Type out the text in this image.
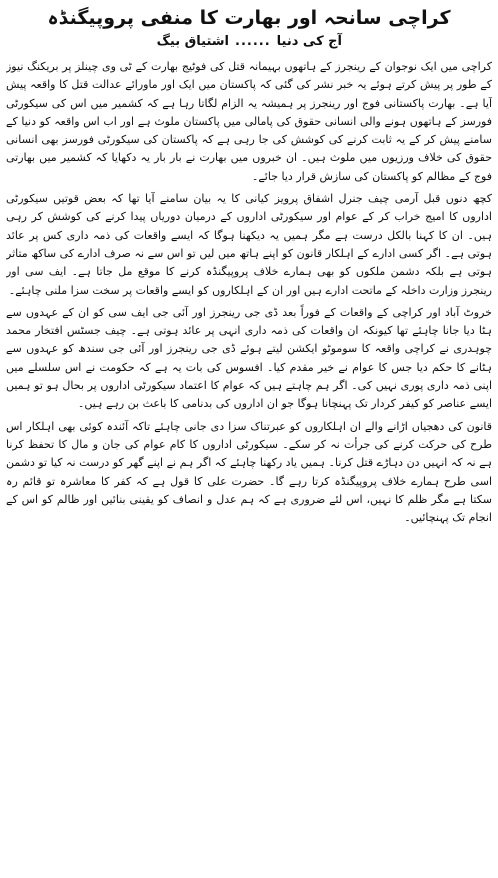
کراچی سانحہ اور بھارت کا منفی پروپیگنڈہ
آج کی دنیا
......
اشتیاق بیگ

کراچی میں ایک نوجوان کے رینجرز کے ہاتھوں بہیمانہ قتل کی فوٹیج بھارت کے ٹی وی چینلز پر بریکنگ نیوز کے طور پر پیش کرتے ہوئے یہ خبر نشر کی گئی کہ پاکستان میں ایک اور ماورائے عدالت قتل کا واقعہ پیش آیا ہے۔ بھارت پاکستانی فوج اور رینجرز پر ہمیشہ یہ الزام لگاتا رہا ہے کہ کشمیر میں اس کی سیکورٹی فورسز کے ہاتھوں ہونے والی انسانی حقوق کی پامالی میں پاکستان ملوث ہے اور اب اس واقعہ کو دنیا کے سامنے پیش کر کے یہ ثابت کرنے کی کوشش کی جا رہی ہے کہ پاکستان کی سیکورٹی فورسز بھی انسانی حقوق کی خلاف ورزیوں میں ملوث ہیں۔ ان خبروں میں بھارت نے بار بار یہ دکھایا کہ کشمیر میں بھارتی فوج کے مظالم کو پاکستان کی سازش قرار دیا جائے۔

کچھ دنوں قبل آرمی چیف جنرل اشفاق پرویز کیانی کا یہ بیان سامنے آیا تھا کہ بعض قوتیں سیکورٹی اداروں کا امیج خراب کر کے عوام اور سیکورٹی اداروں کے درمیان دوریاں پیدا کرنے کی کوشش کر رہی ہیں۔ ان کا کہنا بالکل درست ہے مگر ہمیں یہ دیکھنا ہوگا کہ ایسے واقعات کی ذمہ داری کس پر عائد ہوتی ہے۔ اگر کسی ادارے کے اہلکار قانون کو اپنے ہاتھ میں لیں تو اس سے نہ صرف ادارے کی ساکھ متاثر ہوتی ہے بلکہ دشمن ملکوں کو بھی ہمارے خلاف پروپیگنڈہ کرنے کا موقع مل جاتا ہے۔ ایف سی اور رینجرز وزارت داخلہ کے ماتحت ادارے ہیں اور ان کے اہلکاروں کو ایسے واقعات پر سخت سزا ملنی چاہئے۔

خروٹ آباد اور کراچی کے واقعات کے فوراً بعد ڈی جی رینجرز اور آئی جی ایف سی کو ان کے عہدوں سے ہٹا دیا جانا چاہئے تھا کیونکہ ان واقعات کی ذمہ داری انہی پر عائد ہوتی ہے۔ چیف جسٹس افتخار محمد چوہدری نے کراچی واقعہ کا سوموٹو ایکشن لیتے ہوئے ڈی جی رینجرز اور آئی جی سندھ کو عہدوں سے ہٹانے کا حکم دیا جس کا عوام نے خیر مقدم کیا۔ افسوس کی بات یہ ہے کہ حکومت نے اس سلسلے میں اپنی ذمہ داری پوری نہیں کی۔ اگر ہم چاہتے ہیں کہ عوام کا اعتماد سیکورٹی اداروں پر بحال ہو تو ہمیں ایسے عناصر کو کیفر کردار تک پہنچانا ہوگا جو ان اداروں کی بدنامی کا باعث بن رہے ہیں۔

قانون کی دھجیاں اڑانے والے ان اہلکاروں کو عبرتناک سزا دی جانی چاہئے تاکہ آئندہ کوئی بھی اہلکار اس طرح کی حرکت کرنے کی جرأت نہ کر سکے۔ سیکورٹی اداروں کا کام عوام کی جان و مال کا تحفظ کرنا ہے نہ کہ انہیں دن دہاڑے قتل کرنا۔ ہمیں یاد رکھنا چاہئے کہ اگر ہم نے اپنے گھر کو درست نہ کیا تو دشمن اسی طرح ہمارے خلاف پروپیگنڈہ کرتا رہے گا۔ حضرت علی کا قول ہے کہ کفر کا معاشرہ تو قائم رہ سکتا ہے مگر ظلم کا نہیں، اس لئے ضروری ہے کہ ہم عدل و انصاف کو یقینی بنائیں اور ظالم کو اس کے انجام تک پہنچائیں۔
